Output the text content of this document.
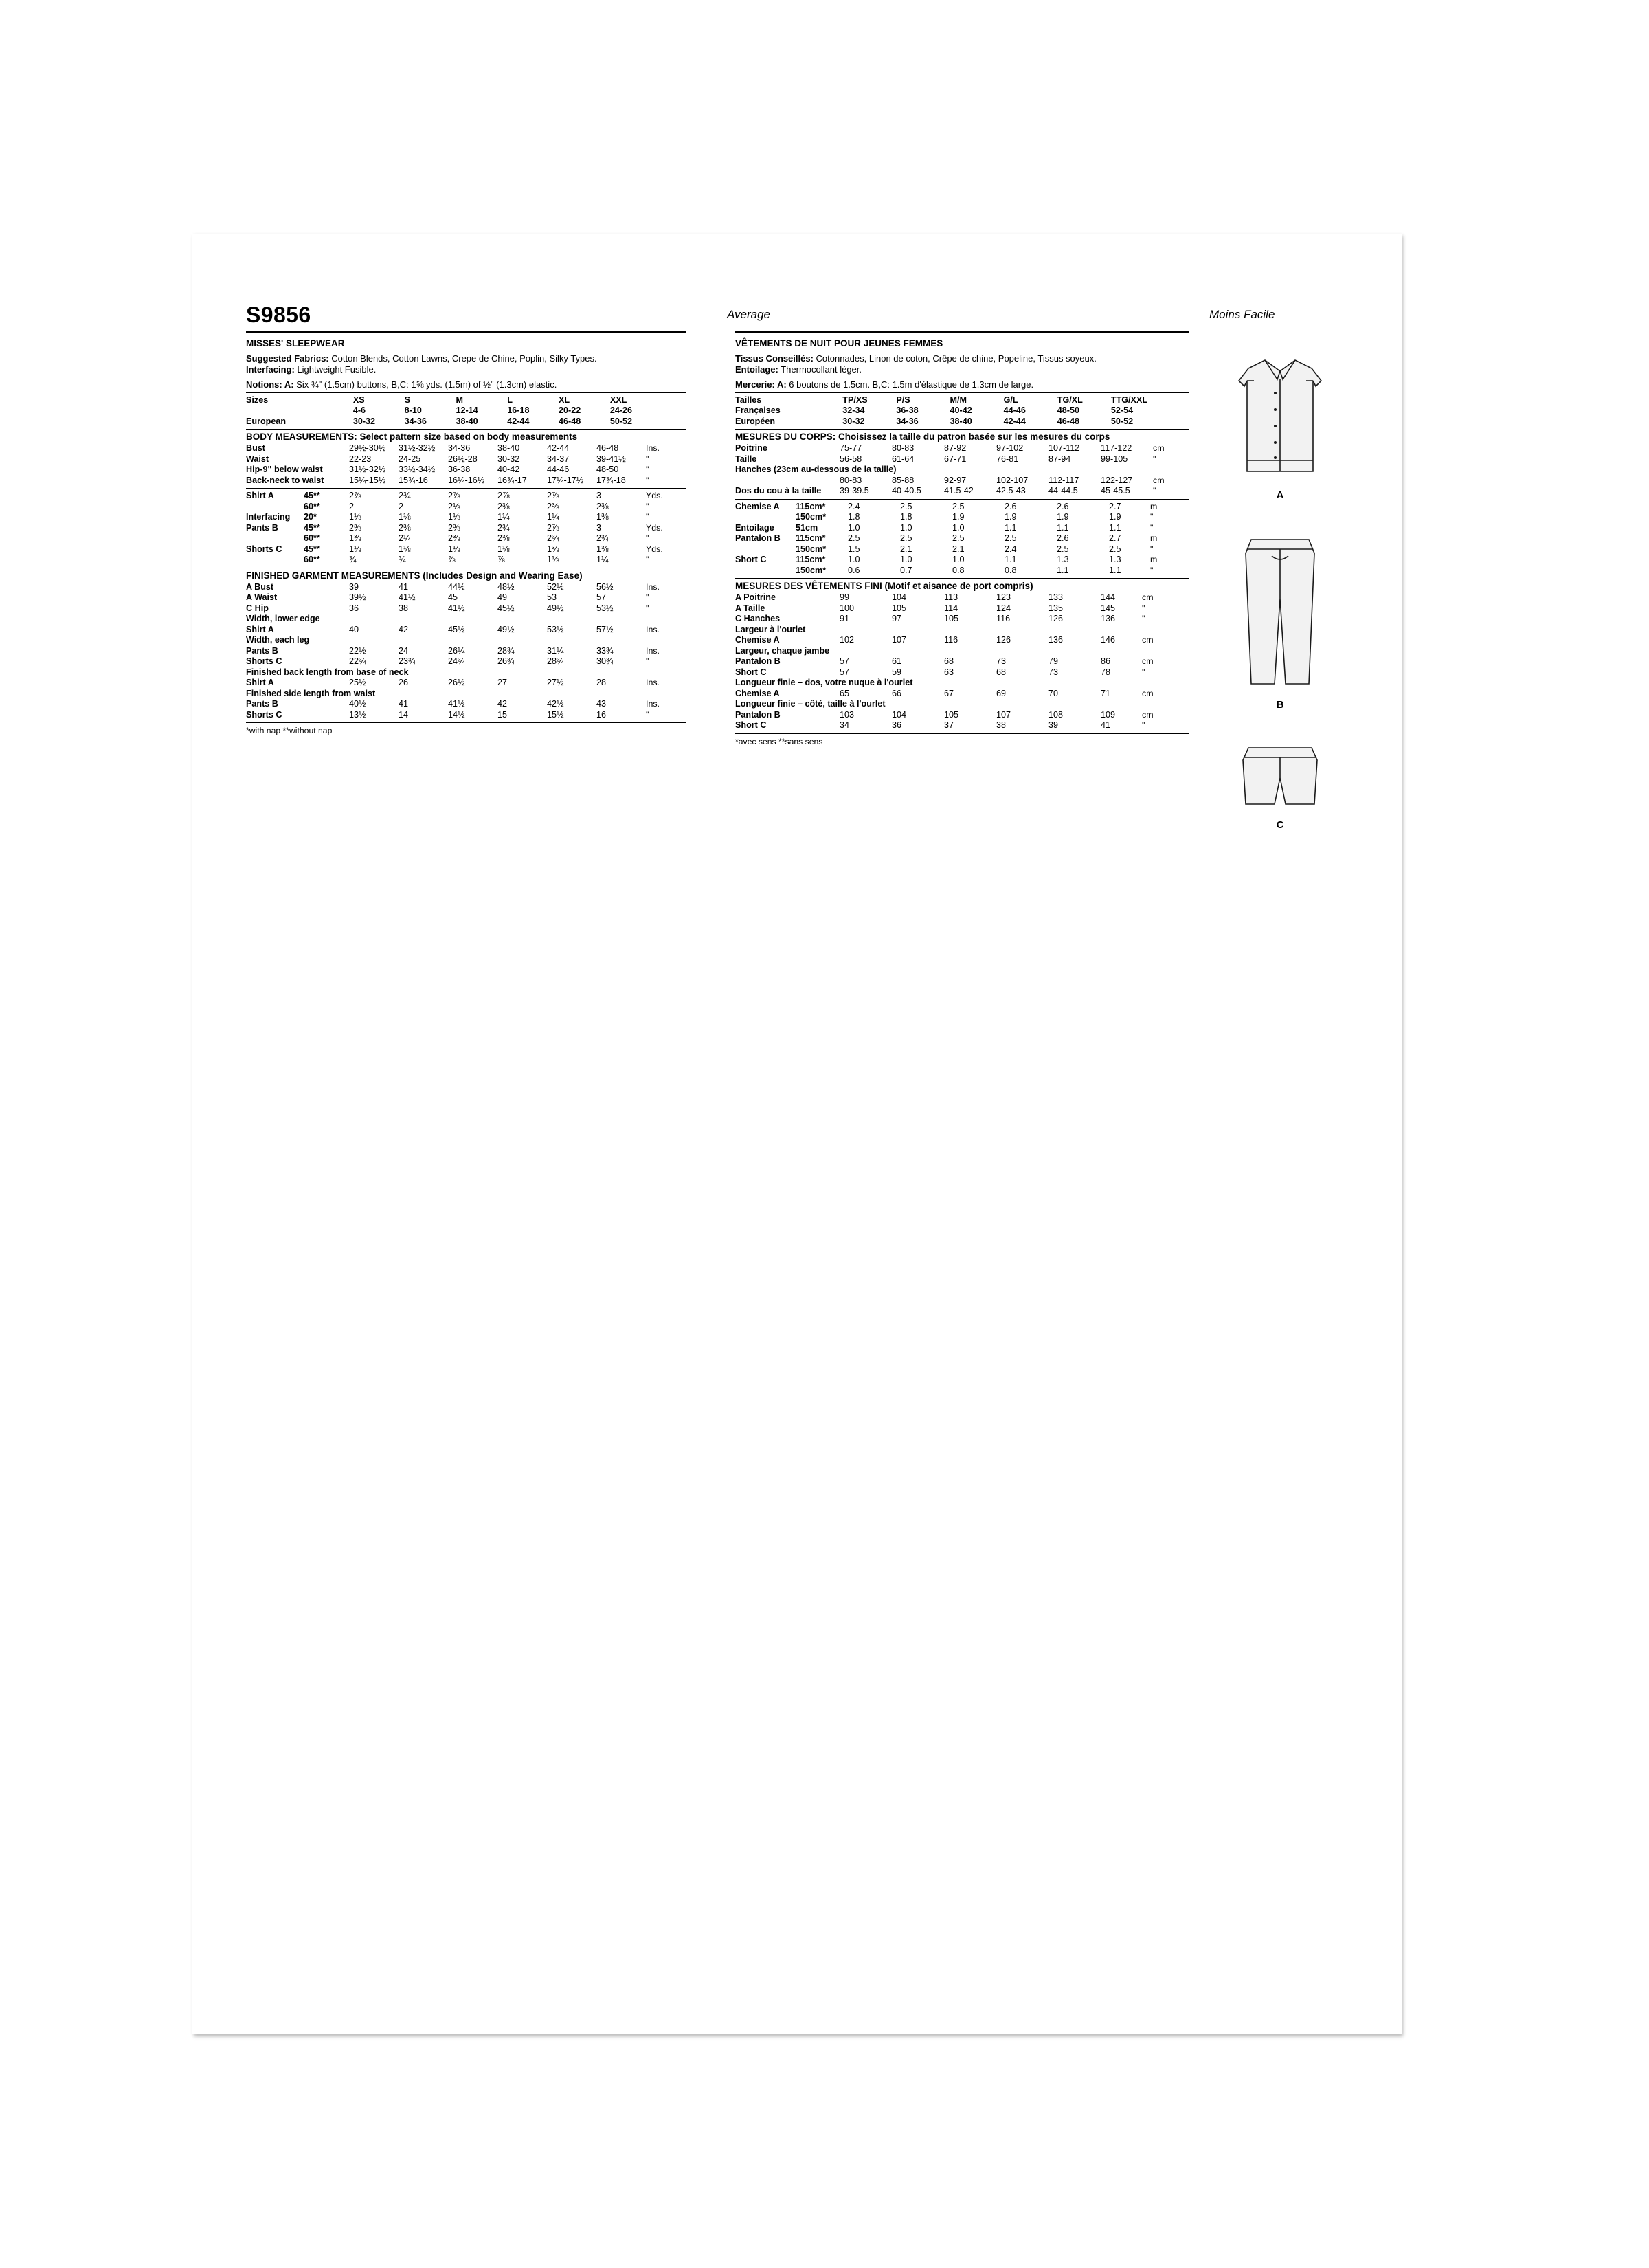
S9856	Average	Moins Facile
MISSES' SLEEPWEAR

Suggested Fabrics: Cotton Blends, Cotton Lawns, Crepe de Chine, Poplin, Silky Types.

Interfacing: Lightweight Fusible.

Notions: A: Six ¾" (1.5cm) buttons, B,C: 1⅝ yds. (1.5m) of ½" (1.3cm) elastic.

Sizes	XS	S	M	L	XL	XXL	
	4-6	8-10	12-14	16-18	20-22	24-26	
European	30-32	34-36	38-40	42-44	46-48	50-52	
BODY MEASUREMENTS: Select pattern size based on body measurements
Bust	29½-30½	31½-32½	34-36	38-40	42-44	46-48	Ins.
Waist	22-23	24-25	26½-28	30-32	34-37	39-41½	"
Hip-9" below waist	31½-32½	33½-34½	36-38	40-42	44-46	48-50	"
Back-neck to waist	15¼-15½	15¾-16	16¼-16½	16¾-17	17¼-17½	17¾-18	"
Shirt A	45**	2⅞	2¾	2⅞	2⅞	2⅞	3	Yds.
	60**	2	2	2⅛	2⅜	2⅜	2⅜	"
Interfacing	20*	1⅛	1⅛	1⅛	1¼	1¼	1⅜	"
Pants B	45**	2⅜	2⅜	2⅜	2¾	2⅞	3	Yds.
	60**	1⅜	2¼	2⅜	2⅜	2¾	2¾	"
Shorts C	45**	1⅛	1⅛	1⅛	1⅛	1⅜	1⅜	Yds.
	60**	¾	¾	⅞	⅞	1⅛	1¼	"
FINISHED GARMENT MEASUREMENTS (Includes Design and Wearing Ease)
A Bust	39	41	44½	48½	52½	56½	Ins.
A Waist	39½	41½	45	49	53	57	"
C Hip	36	38	41½	45½	49½	53½	"
Width, lower edge							
Shirt A	40	42	45½	49½	53½	57½	Ins.
Width, each leg							
Pants B	22½	24	26¼	28¾	31¼	33¾	Ins.
Shorts C	22¾	23¾	24¾	26¾	28¾	30¾	"
Finished back length from base of neck							
Shirt A	25½	26	26½	27	27½	28	Ins.
Finished side length from waist							
Pants B	40½	41	41½	42	42½	43	Ins.
Shorts C	13½	14	14½	15	15½	16	"
*with nap **without nap
VÊTEMENTS DE NUIT POUR JEUNES FEMMES

Tissus Conseillés: Cotonnades, Linon de coton, Crêpe de chine, Popeline, Tissus soyeux.

Entoilage: Thermocollant léger.

Mercerie: A: 6 boutons de 1.5cm. B,C: 1.5m d'élastique de 1.3cm de large.

Tailles	TP/XS	P/S	M/M	G/L	TG/XL	TTG/XXL	
Françaises	32-34	36-38	40-42	44-46	48-50	52-54	
Européen	30-32	34-36	38-40	42-44	46-48	50-52	
MESURES DU CORPS: Choisissez la taille du patron basée sur les mesures du corps
Poitrine	75-77	80-83	87-92	97-102	107-112	117-122	cm
Taille	56-58	61-64	67-71	76-81	87-94	99-105	"
Hanches (23cm au-dessous de la taille)							
	80-83	85-88	92-97	102-107	112-117	122-127	cm
Dos du cou à la taille	39-39.5	40-40.5	41.5-42	42.5-43	44-44.5	45-45.5	"
Chemise A	115cm*	2.4	2.5	2.5	2.6	2.6	2.7	m
	150cm*	1.8	1.8	1.9	1.9	1.9	1.9	"
Entoilage	51cm	1.0	1.0	1.0	1.1	1.1	1.1	"
Pantalon B	115cm*	2.5	2.5	2.5	2.5	2.6	2.7	m
	150cm*	1.5	2.1	2.1	2.4	2.5	2.5	"
Short C	115cm*	1.0	1.0	1.0	1.1	1.3	1.3	m
	150cm*	0.6	0.7	0.8	0.8	1.1	1.1	"
MESURES DES VÊTEMENTS FINI (Motif et aisance de port compris)
A Poitrine	99	104	113	123	133	144	cm
A Taille	100	105	114	124	135	145	"
C Hanches	91	97	105	116	126	136	"
Largeur à l'ourlet							
Chemise A	102	107	116	126	136	146	cm
Largeur, chaque jambe							
Pantalon B	57	61	68	73	79	86	cm
Short C	57	59	63	68	73	78	"
Longueur finie – dos, votre nuque à l'ourlet							
Chemise A	65	66	67	69	70	71	cm
Longueur finie – côté, taille à l'ourlet							
Pantalon B	103	104	105	107	108	109	cm
Short C	34	36	37	38	39	41	"
*avec sens **sans sens
A
B
C
